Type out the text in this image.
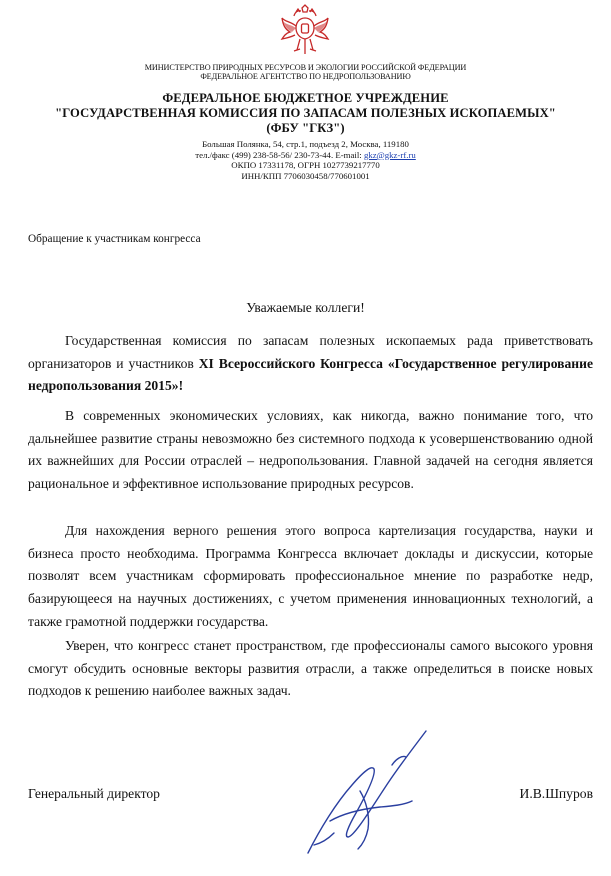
МИНИСТЕРСТВО ПРИРОДНЫХ РЕСУРСОВ И ЭКОЛОГИИ РОССИЙСКОЙ ФЕДЕРАЦИИ
ФЕДЕРАЛЬНОЕ АГЕНТСТВО ПО НЕДРОПОЛЬЗОВАНИЮ
ФЕДЕРАЛЬНОЕ БЮДЖЕТНОЕ УЧРЕЖДЕНИЕ
"ГОСУДАРСТВЕННАЯ КОМИССИЯ ПО ЗАПАСАМ ПОЛЕЗНЫХ ИСКОПАЕМЫХ"
(ФБУ "ГКЗ")
Большая Полянка, 54, стр.1, подъезд 2, Москва, 119180
тел./факс (499) 238-58-56/ 230-73-44. E-mail: gkz@gkz-rf.ru
ОКПО 17331178, ОГРН 1027739217770
ИНН/КПП 7706030458/770601001
Обращение к участникам конгресса
Уважаемые коллеги!
Государственная комиссия по запасам полезных ископаемых рада приветствовать организаторов и участников XI Всероссийского Конгресса «Государственное регулирование недропользования 2015»!
В современных экономических условиях, как никогда, важно понимание того, что дальнейшее развитие страны невозможно без системного подхода к усовершенствованию одной их важнейших для России отраслей – недропользования. Главной задачей на сегодня является рациональное и эффективное использование природных ресурсов.
Для нахождения верного решения этого вопроса картелизация государства, науки и бизнеса просто необходима. Программа Конгресса включает доклады и дискуссии, которые позволят всем участникам сформировать профессиональное мнение по разработке недр, базирующееся на научных достижениях, с учетом применения инновационных технологий, а также грамотной поддержки государства.
Уверен, что конгресс станет пространством, где профессионалы самого высокого уровня смогут обсудить основные векторы развития отрасли, а также определиться в поиске новых подходов к решению наиболее важных задач.
Генеральный директор	И.В.Шпуров
